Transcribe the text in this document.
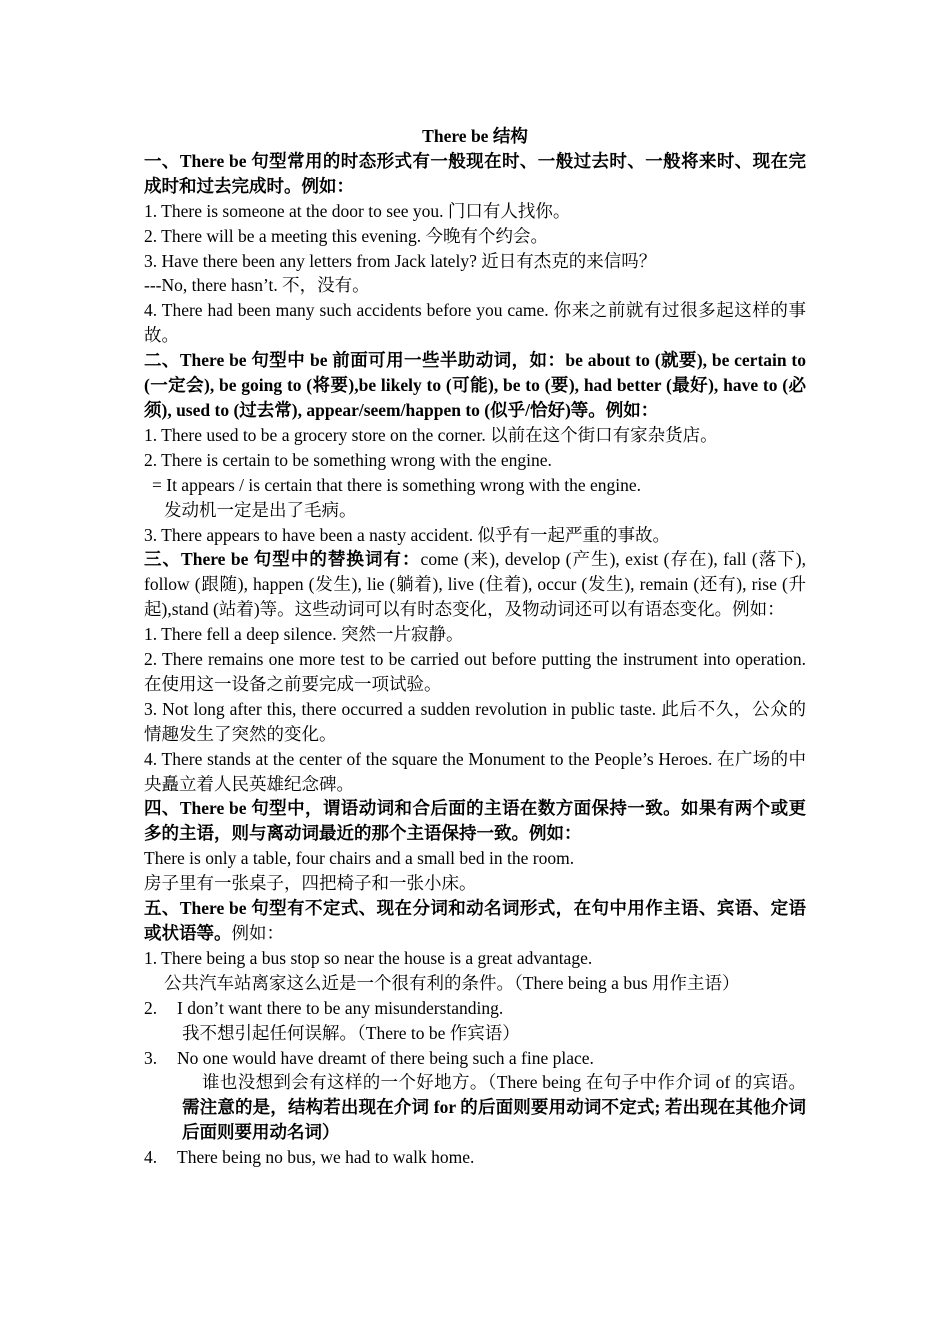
There be 结构

一、There be 句型常用的时态形式有一般现在时、一般过去时、一般将来时、现在完成时和过去完成时。例如：

1. There is someone at the door to see you. 门口有人找你。

2. There will be a meeting this evening. 今晚有个约会。

3. Have there been any letters from Jack lately? 近日有杰克的来信吗？

---No, there hasn’t. 不，没有。

4. There had been many such accidents before you came. 你来之前就有过很多起这样的事故。

二、There be 句型中 be 前面可用一些半助动词，如：be about to (就要), be certain to (一定会), be going to (将要),be likely to (可能), be to (要), had better (最好), have to (必须), used to (过去常), appear/seem/happen to (似乎/恰好)等。例如：

1. There used to be a grocery store on the corner. 以前在这个街口有家杂货店。

2. There is certain to be something wrong with the engine.

= It appears / is certain that there is something wrong with the engine.

发动机一定是出了毛病。

3. There appears to have been a nasty accident. 似乎有一起严重的事故。

三、There be 句型中的替换词有：come (来), develop (产生), exist (存在), fall (落下), follow (跟随), happen (发生), lie (躺着), live (住着), occur (发生), remain (还有), rise (升起),stand (站着)等。这些动词可以有时态变化，及物动词还可以有语态变化。例如：

1. There fell a deep silence. 突然一片寂静。

2. There remains one more test to be carried out before putting the instrument into operation. 在使用这一设备之前要完成一项试验。

3. Not long after this, there occurred a sudden revolution in public taste. 此后不久，公众的情趣发生了突然的变化。

4. There stands at the center of the square the Monument to the People’s Heroes. 在广场的中央矗立着人民英雄纪念碑。

四、There be 句型中，谓语动词和合后面的主语在数方面保持一致。如果有两个或更多的主语，则与离动词最近的那个主语保持一致。例如：

There is only a table, four chairs and a small bed in the room.

房子里有一张桌子，四把椅子和一张小床。

五、There be 句型有不定式、现在分词和动名词形式，在句中用作主语、宾语、定语或状语等。例如：

1. There being a bus stop so near the house is a great advantage.

公共汽车站离家这么近是一个很有利的条件。（There being a bus 用作主语）

2.	I don’t want there to be any misunderstanding.

我不想引起任何误解。（There to be 作宾语）

3.	No one would have dreamt of there being such a fine place.

谁也没想到会有这样的一个好地方。（There being 在句子中作介词 of 的宾语。需注意的是，结构若出现在介词 for 的后面则要用动词不定式; 若出现在其他介词后面则要用动名词）

4.	There being no bus, we had to walk home.
